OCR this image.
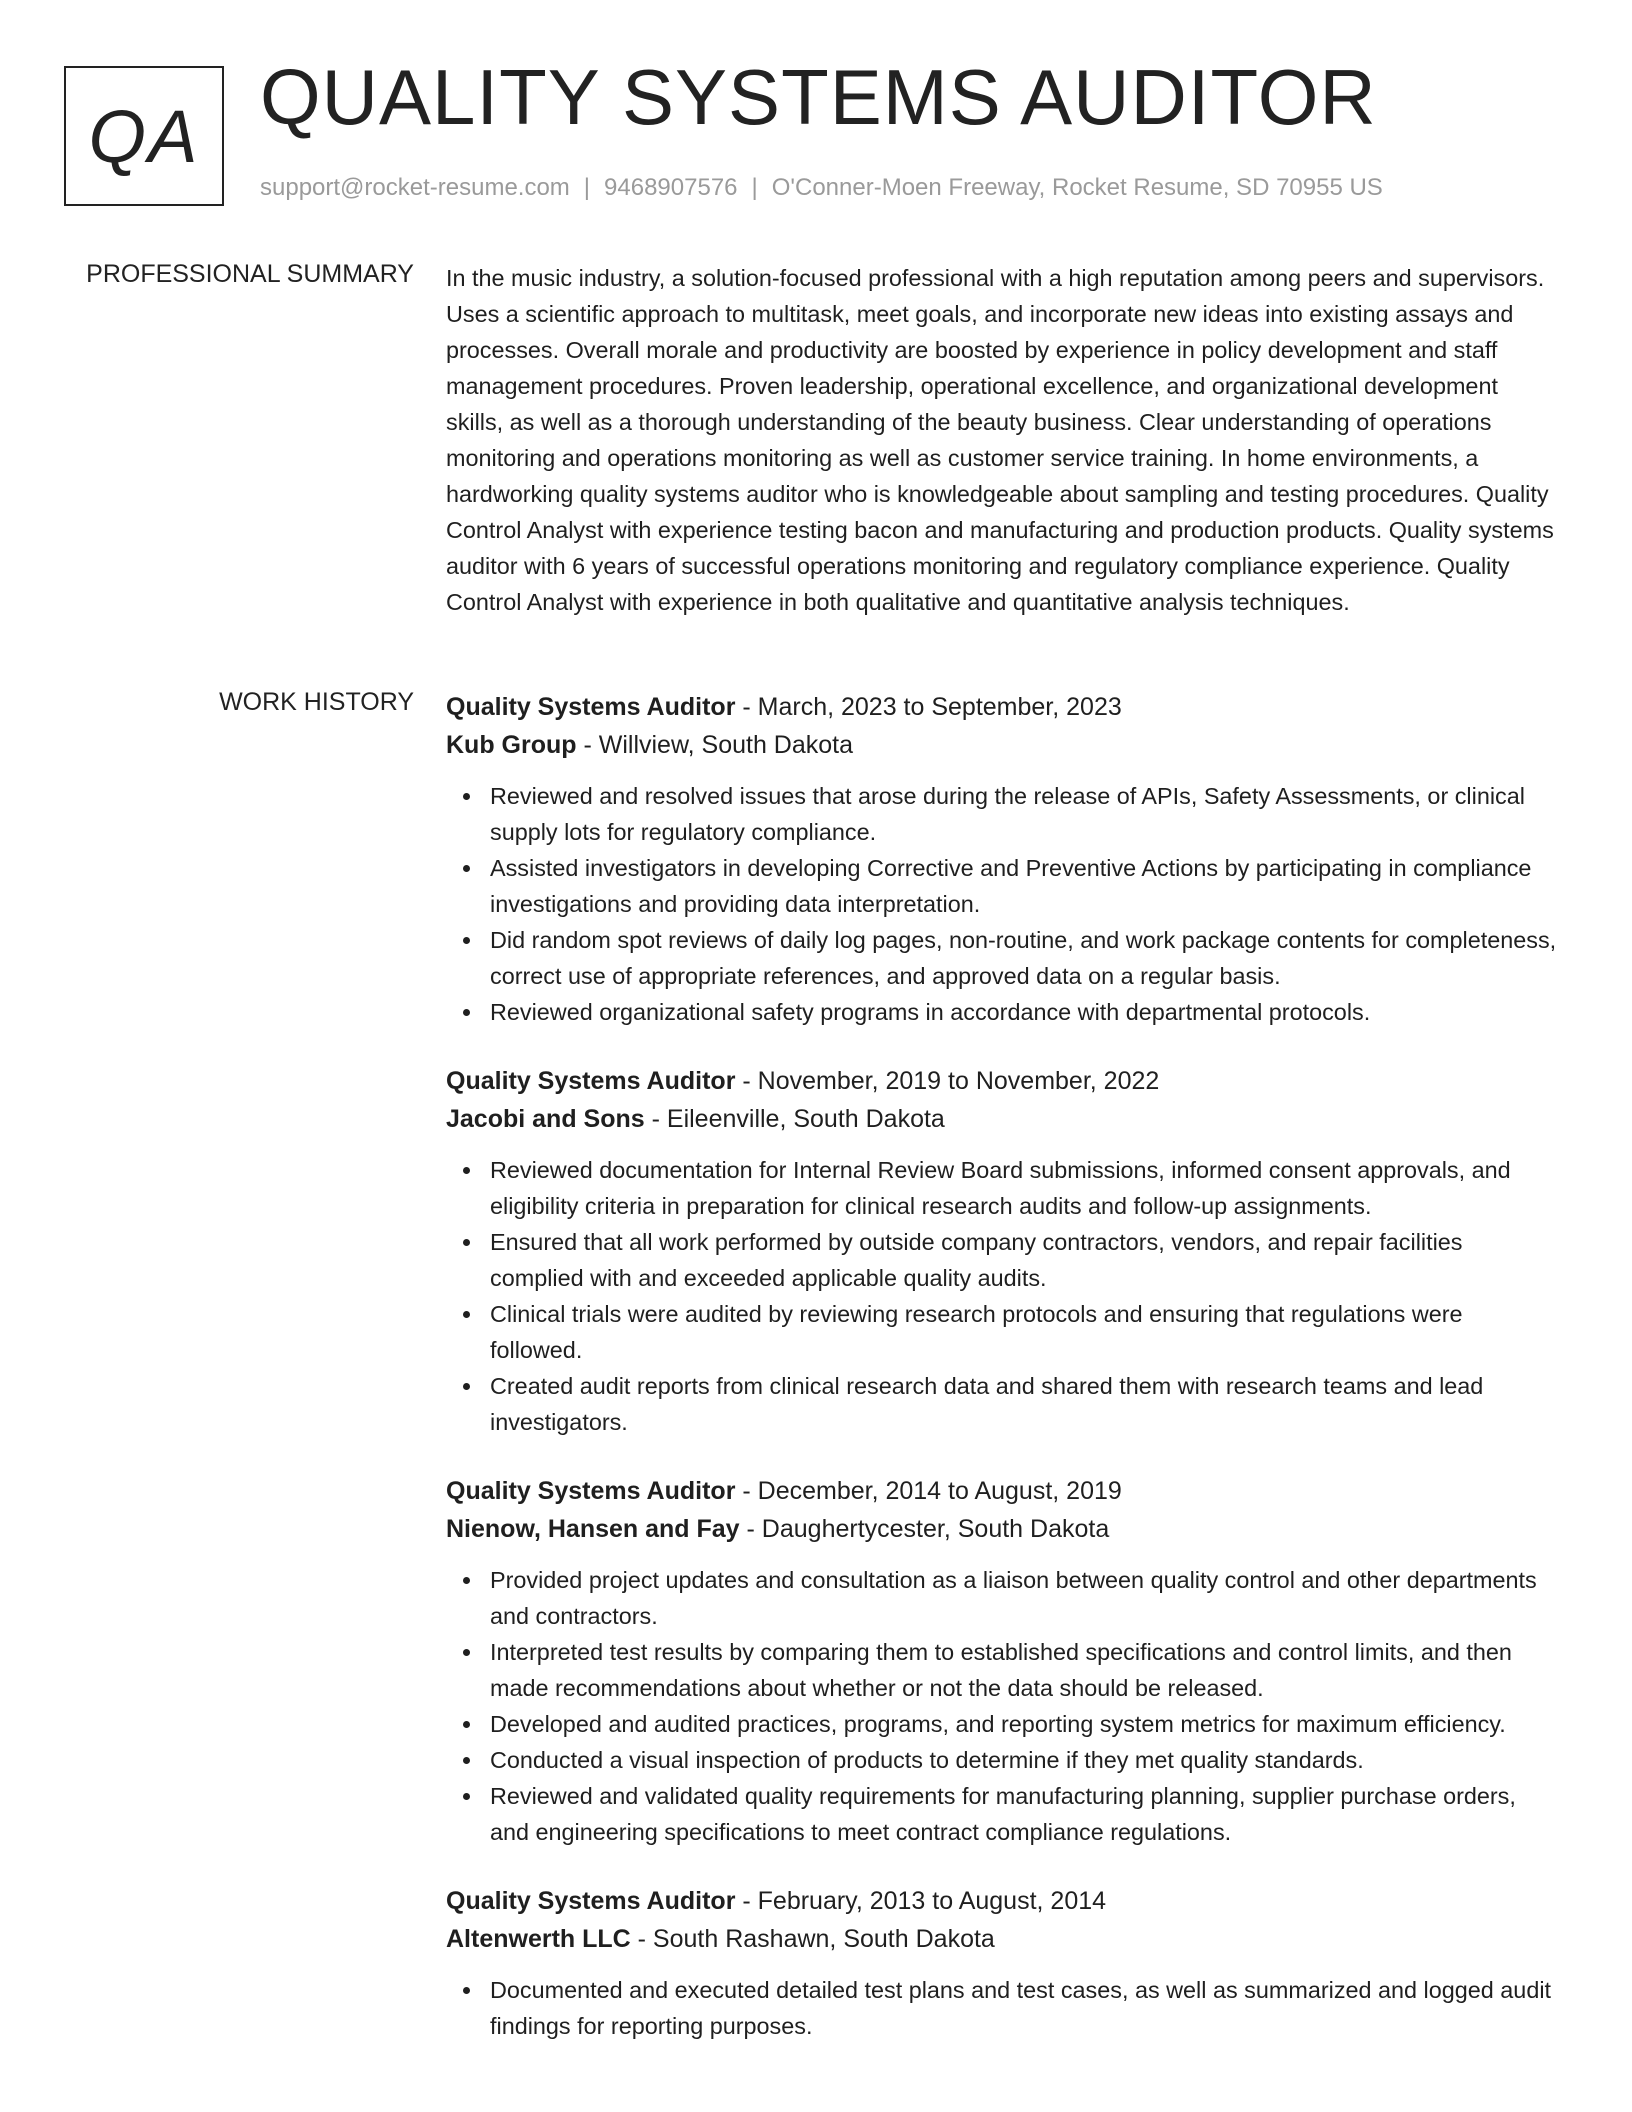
QA QUALITY SYSTEMS AUDITOR
support@rocket-resume.com | 9468907576 | O'Conner-Moen Freeway, Rocket Resume, SD 70955 US
PROFESSIONAL SUMMARY In the music industry, a solution-focused professional with a high reputation among peers and supervisors. Uses a scientific approach to multitask, meet goals, and incorporate new ideas into existing assays and processes. Overall morale and productivity are boosted by experience in policy development and staff management procedures. Proven leadership, operational excellence, and organizational development skills, as well as a thorough understanding of the beauty business. Clear understanding of operations monitoring and operations monitoring as well as customer service training. In home environments, a hardworking quality systems auditor who is knowledgeable about sampling and testing procedures. Quality Control Analyst with experience testing bacon and manufacturing and production products. Quality systems auditor with 6 years of successful operations monitoring and regulatory compliance experience. Quality Control Analyst with experience in both qualitative and quantitative analysis techniques.

WORK HISTORY Quality Systems Auditor - March, 2023 to September, 2023
Kub Group - Willview, South Dakota
Reviewed and resolved issues that arose during the release of APIs, Safety Assessments, or clinical supply lots for regulatory compliance.
Assisted investigators in developing Corrective and Preventive Actions by participating in compliance investigations and providing data interpretation.
Did random spot reviews of daily log pages, non-routine, and work package contents for completeness, correct use of appropriate references, and approved data on a regular basis.
Reviewed organizational safety programs in accordance with departmental protocols.
Quality Systems Auditor - November, 2019 to November, 2022
Jacobi and Sons - Eileenville, South Dakota
Reviewed documentation for Internal Review Board submissions, informed consent approvals, and eligibility criteria in preparation for clinical research audits and follow-up assignments.
Ensured that all work performed by outside company contractors, vendors, and repair facilities complied with and exceeded applicable quality audits.
Clinical trials were audited by reviewing research protocols and ensuring that regulations were followed.
Created audit reports from clinical research data and shared them with research teams and lead investigators.
Quality Systems Auditor - December, 2014 to August, 2019
Nienow, Hansen and Fay - Daughertycester, South Dakota
Provided project updates and consultation as a liaison between quality control and other departments and contractors.
Interpreted test results by comparing them to established specifications and control limits, and then made recommendations about whether or not the data should be released.
Developed and audited practices, programs, and reporting system metrics for maximum efficiency.
Conducted a visual inspection of products to determine if they met quality standards.
Reviewed and validated quality requirements for manufacturing planning, supplier purchase orders, and engineering specifications to meet contract compliance regulations.
Quality Systems Auditor - February, 2013 to August, 2014
Altenwerth LLC - South Rashawn, South Dakota
Documented and executed detailed test plans and test cases, as well as summarized and logged audit findings for reporting purposes.
